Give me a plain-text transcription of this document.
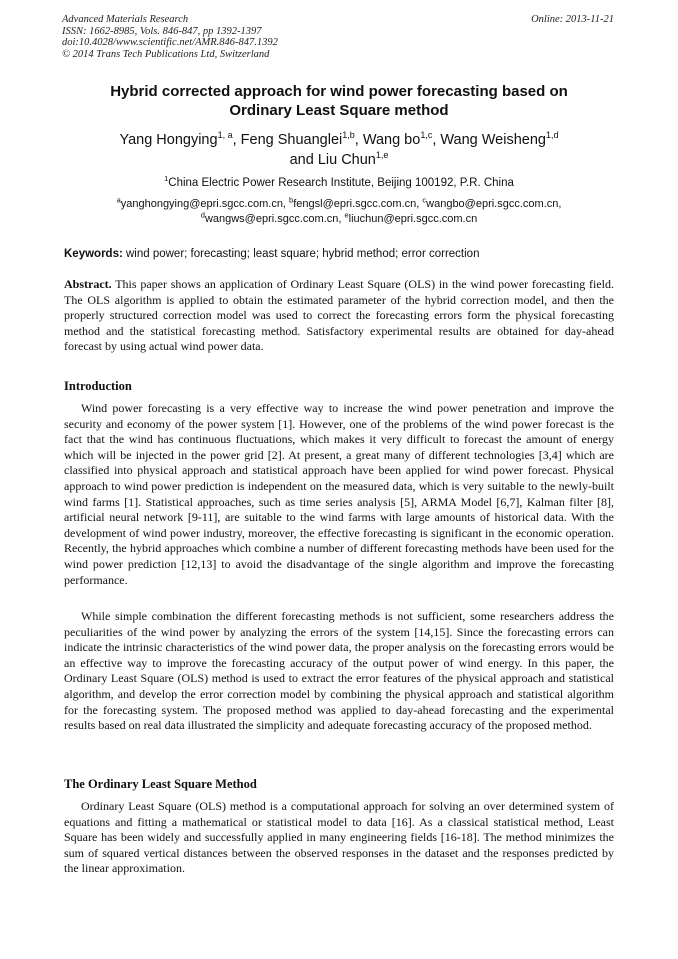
Advanced Materials Research
ISSN: 1662-8985, Vols. 846-847, pp 1392-1397
doi:10.4028/www.scientific.net/AMR.846-847.1392
© 2014 Trans Tech Publications Ltd, Switzerland
Online: 2013-11-21
Hybrid corrected approach for wind power forecasting based on
Ordinary Least Square method
Yang Hongying$^{1, a}$, Feng Shuanglei$^{1,b}$, Wang bo$^{1,c}$, Wang Weisheng$^{1,d}$
and Liu Chun$^{1,e}$
$^1$China Electric Power Research Institute, Beijing 100192, P.R. China
$^a$yanghongying@epri.sgcc.com.cn, $^b$fengsl@epri.sgcc.com.cn, $^c$wangbo@epri.sgcc.com.cn,
$^d$wangws@epri.sgcc.com.cn, $^e$liuchun@epri.sgcc.com.cn
Keywords: wind power; forecasting; least square; hybrid method; error correction
Abstract. This paper shows an application of Ordinary Least Square (OLS) in the wind power forecasting field. The OLS algorithm is applied to obtain the estimated parameter of the hybrid correction model, and then the properly structured correction model was used to correct the forecasting errors form the physical forecasting method and the statistical forecasting method. Satisfactory experimental results are obtained for day-ahead forecast by using actual wind power data.
Introduction
Wind power forecasting is a very effective way to increase the wind power penetration and improve the security and economy of the power system [1]. However, one of the problems of the wind power forecast is the fact that the wind has continuous fluctuations, which makes it very difficult to forecast the amount of energy which will be injected in the power grid [2]. At present, a great many of different technologies [3,4] which are classified into physical approach and statistical approach have been applied for wind power forecast. Physical approach to wind power prediction is independent on the measured data, which is very suitable to the newly-built wind farms [1]. Statistical approaches, such as time series analysis [5], ARMA Model [6,7], Kalman filter [8], artificial neural network [9-11], are suitable to the wind farms with large amounts of historical data. With the development of wind power industry, moreover, the effective forecasting is significant in the economic operation. Recently, the hybrid approaches which combine a number of different forecasting methods have been used for the wind power prediction [12,13] to avoid the disadvantage of the single algorithm and improve the forecasting performance.
While simple combination the different forecasting methods is not sufficient, some researchers address the peculiarities of the wind power by analyzing the errors of the system [14,15]. Since the forecasting errors can indicate the intrinsic characteristics of the wind power data, the proper analysis on the forecasting errors would be an effective way to improve the forecasting accuracy of the output power of wind energy. In this paper, the Ordinary Least Square (OLS) method is used to extract the error features of the physical approach and statistical algorithm, and develop the error correction model by combining the physical approach and statistical algorithm for the forecasting system. The proposed method was applied to day-ahead forecasting and the experimental results based on real data illustrated the simplicity and adequate forecasting accuracy of the proposed method.
The Ordinary Least Square Method
Ordinary Least Square (OLS) method is a computational approach for solving an over determined system of equations and fitting a mathematical or statistical model to data [16]. As a classical statistical method, Least Square has been widely and successfully applied in many engineering fields [16-18]. The method minimizes the sum of squared vertical distances between the observed responses in the dataset and the responses predicted by the linear approximation.
